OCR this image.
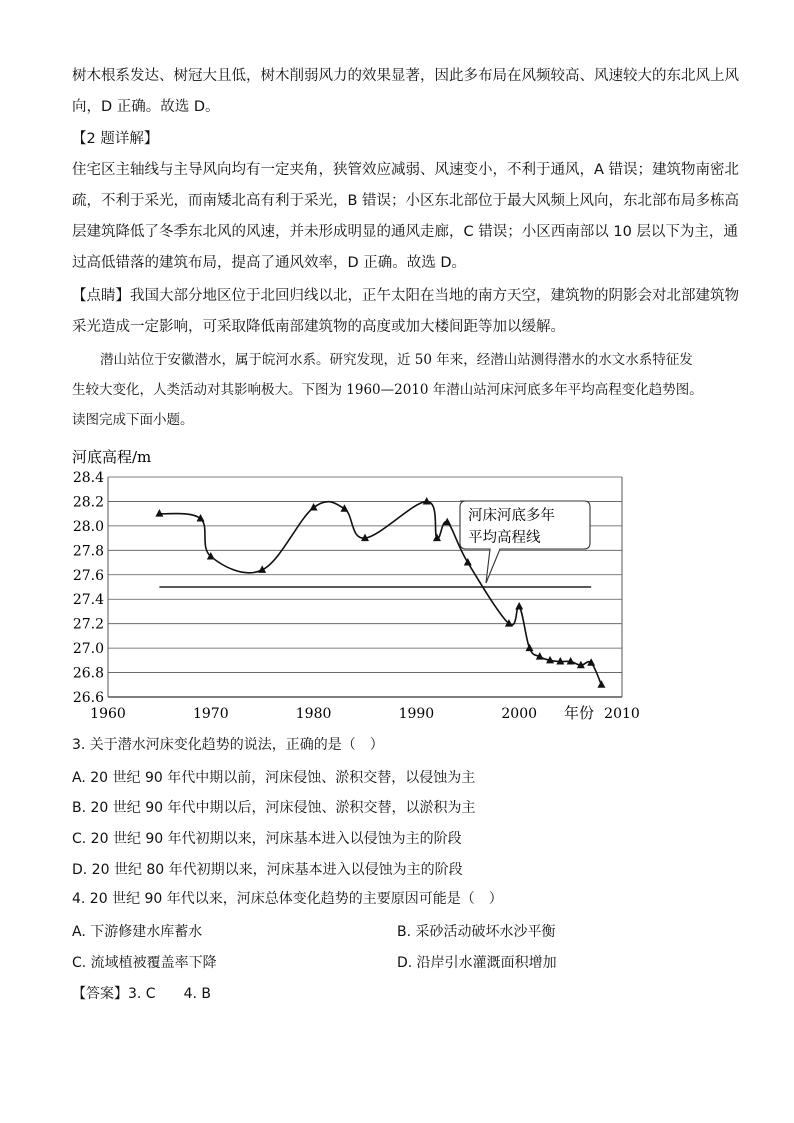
树木根系发达、树冠大且低，树木削弱风力的效果显著，因此多布局在风频较高、风速较大的东北风上风
向，D 正确。故选 D。
【2 题详解】
住宅区主轴线与主导风向均有一定夹角，狭管效应减弱、风速变小，不利于通风，A 错误；建筑物南密北
疏，不利于采光，而南矮北高有利于采光，B 错误；小区东北部位于最大风频上风向，东北部布局多栋高
层建筑降低了冬季东北风的风速，并未形成明显的通风走廊，C 错误；小区西南部以 10 层以下为主，通
过高低错落的建筑布局，提高了通风效率，D 正确。故选 D。
【点睛】我国大部分地区位于北回归线以北，正午太阳在当地的南方天空，建筑物的阴影会对北部建筑物
采光造成一定影响，可采取降低南部建筑物的高度或加大楼间距等加以缓解。
潜山站位于安徽潜水，属于皖河水系。研究发现，近 50 年来，经潜山站测得潜水的水文水系特征发
生较大变化，人类活动对其影响极大。下图为 1960—2010 年潜山站河床河底多年平均高程变化趋势图。
读图完成下面小题。
河底高程/m
26.6
26.8
27.0
27.2
27.4
27.6
27.8
28.0
28.2
28.4
1960	1970	1980	1990	2000	2010
年份
河床河底多年
平均高程线
3. 关于潜水河床变化趋势的说法，正确的是（　）
A. 20 世纪 90 年代中期以前，河床侵蚀、淤积交替，以侵蚀为主
B. 20 世纪 90 年代中期以后，河床侵蚀、淤积交替，以淤积为主
C. 20 世纪 90 年代初期以来，河床基本进入以侵蚀为主的阶段
D. 20 世纪 80 年代初期以来，河床基本进入以侵蚀为主的阶段
4. 20 世纪 90 年代以来，河床总体变化趋势的主要原因可能是（　）
A. 下游修建水库蓄水	B. 采砂活动破坏水沙平衡
C. 流域植被覆盖率下降	D. 沿岸引水灌溉面积增加
【答案】3. C　　4. B
